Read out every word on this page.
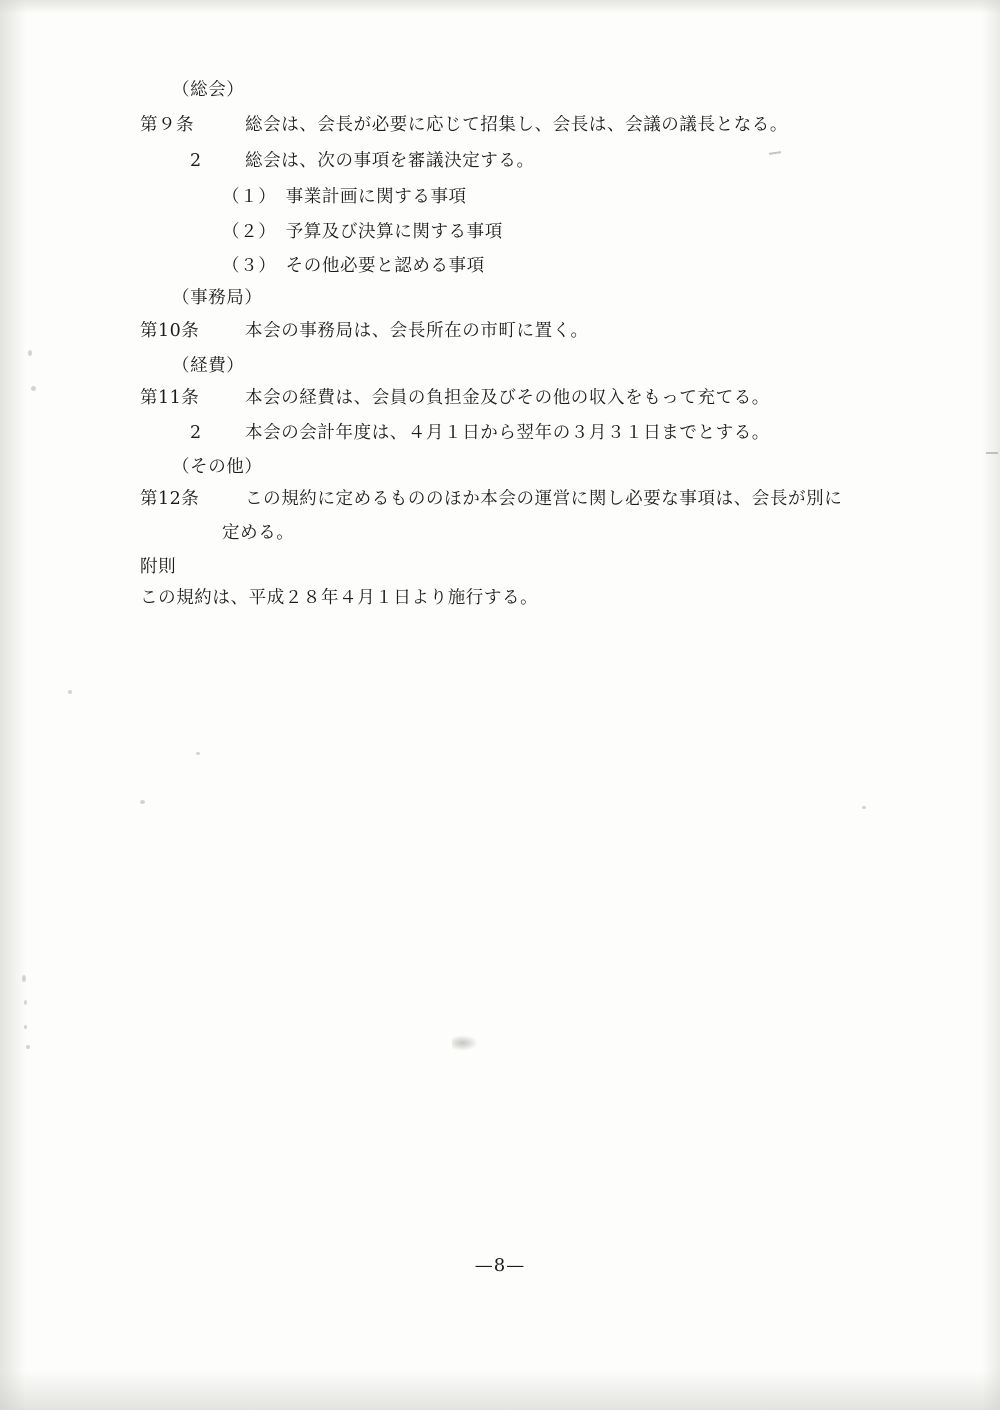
（総会）
第９条	総会は、会長が必要に応じて招集し、会長は、会議の議長となる。
2 総会は、次の事項を審議決定する。
（１）　事業計画に関する事項
（２）　予算及び決算に関する事項
（３）　その他必要と認める事項
（事務局）
第10条	本会の事務局は、会長所在の市町に置く。
（経費）
第11条	本会の経費は、会員の負担金及びその他の収入をもって充てる。
2 本会の会計年度は、４月１日から翌年の３月３１日までとする。
（その他）
第12条	この規約に定めるもののほか本会の運営に関し必要な事項は、会長が別に
定める。
附則
この規約は、平成２８年４月１日より施行する。
—8—
